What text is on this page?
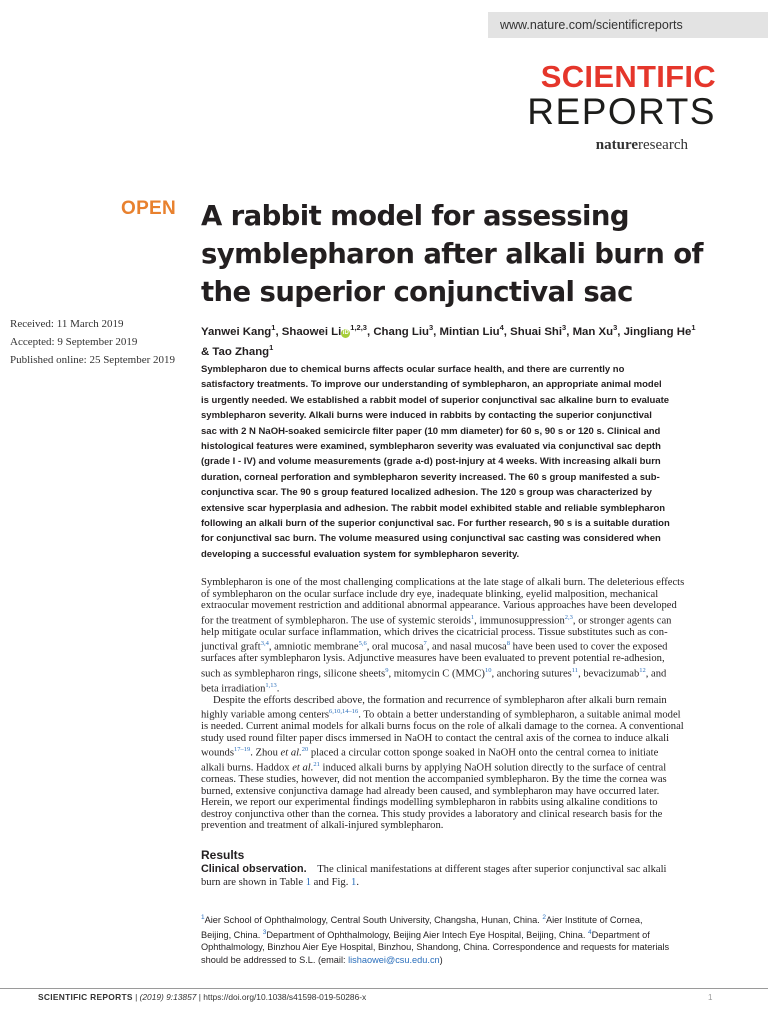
www.nature.com/scientificreports
SCIENTIFIC
REPORTS
natureresearch
OPEN A rabbit model for assessing
symblepharon after alkali burn of
the superior conjunctival sac
Received: 11 March 2019
Accepted: 9 September 2019
Published online: 25 September 2019
Yanwei Kang$^1$, Shaowei Li iD$^{1,2,3}$, Chang Liu$^3$, Mintian Liu$^4$, Shuai Shi$^3$, Man Xu$^3$, Jingliang He$^1$
& Tao Zhang$^1$
Symblepharon due to chemical burns affects ocular surface health, and there are currently no
satisfactory treatments. To improve our understanding of symblepharon, an appropriate animal model
is urgently needed. We established a rabbit model of superior conjunctival sac alkaline burn to evaluate
symblepharon severity. Alkali burns were induced in rabbits by contacting the superior conjunctival
sac with 2 N NaOH-soaked semicircle filter paper (10 mm diameter) for 60 s, 90 s or 120 s. Clinical and
histological features were examined, symblepharon severity was evaluated via conjunctival sac depth
(grade I - IV) and volume measurements (grade a-d) post-injury at 4 weeks. With increasing alkali burn
duration, corneal perforation and symblepharon severity increased. The 60 s group manifested a sub-
conjunctiva scar. The 90 s group featured localized adhesion. The 120 s group was characterized by
extensive scar hyperplasia and adhesion. The rabbit model exhibited stable and reliable symblepharon
following an alkali burn of the superior conjunctival sac. For further research, 90 s is a suitable duration
for conjunctival sac burn. The volume measured using conjunctival sac casting was considered when
developing a successful evaluation system for symblepharon severity.
Symblepharon is one of the most challenging complications at the late stage of alkali burn. The deleterious effects
of symblepharon on the ocular surface include dry eye, inadequate blinking, eyelid malposition, mechanical
extraocular movement restriction and additional abnormal appearance. Various approaches have been developed
for the treatment of symblepharon. The use of systemic steroids$^1$, immunosuppression$^{2,3}$, or stronger agents can
help mitigate ocular surface inflammation, which drives the cicatricial process. Tissue substitutes such as con-
junctival graft$^{3,4}$, amniotic membrane$^{5,6}$, oral mucosa$^7$, and nasal mucosa$^8$ have been used to cover the exposed
surfaces after symblepharon lysis. Adjunctive measures have been evaluated to prevent potential re-adhesion,
such as symblepharon rings, silicone sheets$^9$, mitomycin C (MMC)$^{10}$, anchoring sutures$^{11}$, bevacizumab$^{12}$, and
beta irradiation$^{1,13}$.
Despite the efforts described above, the formation and recurrence of symblepharon after alkali burn remain
highly variable among centers$^{6,10,14-16}$. To obtain a better understanding of symblepharon, a suitable animal model
is needed. Current animal models for alkali burns focus on the role of alkali damage to the cornea. A conventional
study used round filter paper discs immersed in NaOH to contact the central axis of the cornea to induce alkali
wounds$^{17-19}$. Zhou et al.$^{20}$ placed a circular cotton sponge soaked in NaOH onto the central cornea to initiate
alkali burns. Haddox et al.$^{21}$ induced alkali burns by applying NaOH solution directly to the surface of central
corneas. These studies, however, did not mention the accompanied symblepharon. By the time the cornea was
burned, extensive conjunctiva damage had already been caused, and symblepharon may have occurred later.
Herein, we report our experimental findings modelling symblepharon in rabbits using alkaline conditions to
destroy conjunctiva other than the cornea. This study provides a laboratory and clinical research basis for the
prevention and treatment of alkali-injured symblepharon.
Results
Clinical observation. The clinical manifestations at different stages after superior conjunctival sac alkali
burn are shown in Table 1 and Fig. 1.
$^1$Aier School of Ophthalmology, Central South University, Changsha, Hunan, China. $^2$Aier Institute of Cornea,
Beijing, China. $^3$Department of Ophthalmology, Beijing Aier Intech Eye Hospital, Beijing, China. $^4$Department of
Ophthalmology, Binzhou Aier Eye Hospital, Binzhou, Shandong, China. Correspondence and requests for materials
should be addressed to S.L. (email: lishaowei@csu.edu.cn)
SCIENTIFIC REPORTS | (2019) 9:13857 | https://doi.org/10.1038/s41598-019-50286-x	1
